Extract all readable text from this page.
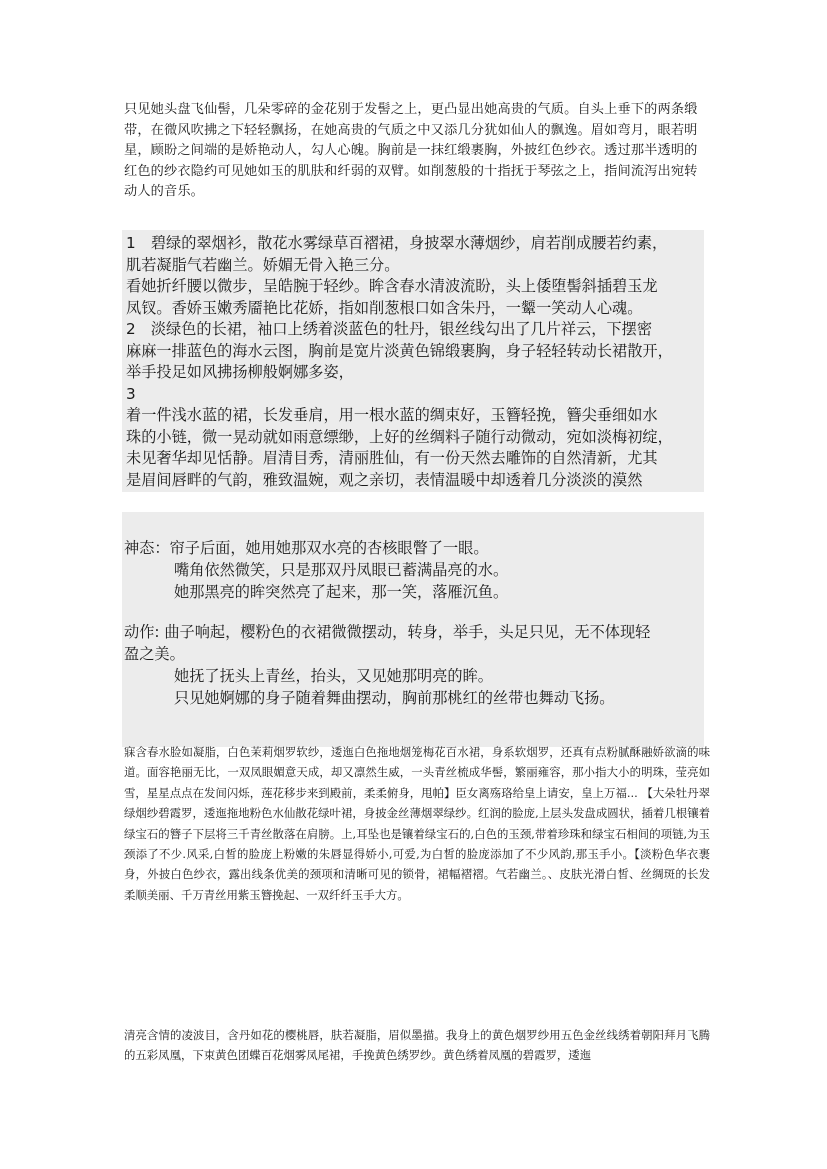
只见她头盘飞仙髻，几朵零碎的金花别于发髻之上，更凸显出她高贵的气质。自头上垂下的两条缎带，在微风吹拂之下轻轻飘扬，在她高贵的气质之中又添几分犹如仙人的飘逸。眉如弯月，眼若明星，顾盼之间端的是娇艳动人，勾人心魄。胸前是一抹红缎裹胸，外披红色纱衣。透过那半透明的红色的纱衣隐约可见她如玉的肌肤和纤弱的双臂。如削葱般的十指抚于琴弦之上，指间流泻出宛转动人的音乐。

1　碧绿的翠烟衫，散花水雾绿草百褶裙，身披翠水薄烟纱，肩若削成腰若约素，

肌若凝脂气若幽兰。娇媚无骨入艳三分。

看她折纤腰以微步，呈皓腕于轻纱。眸含春水清波流盼，头上倭堕髻斜插碧玉龙

凤钗。香娇玉嫩秀靥艳比花娇，指如削葱根口如含朱丹，一颦一笑动人心魂。

2　淡绿色的长裙，袖口上绣着淡蓝色的牡丹，银丝线勾出了几片祥云，下摆密

麻麻一排蓝色的海水云图，胸前是宽片淡黄色锦缎裹胸，身子轻轻转动长裙散开，

举手投足如风拂扬柳般婀娜多姿，

3

着一件浅水蓝的裙，长发垂肩，用一根水蓝的绸束好，玉簪轻挽，簪尖垂细如水

珠的小链，微一晃动就如雨意缥缈，上好的丝绸料子随行动微动，宛如淡梅初绽，

未见奢华却见恬静。眉清目秀，清丽胜仙，有一份天然去雕饰的自然清新，尤其

是眉间唇畔的气韵，雅致温婉，观之亲切，表情温暖中却透着几分淡淡的漠然

神态：帘子后面，她用她那双水亮的杏核眼瞥了一眼。

嘴角依然微笑，只是那双丹凤眼已蓄满晶亮的水。

她那黑亮的眸突然亮了起来，那一笑，落雁沉鱼。

动作: 曲子响起，樱粉色的衣裙微微摆动，转身，举手，头足只见，无不体现轻

盈之美。

她抚了抚头上青丝，抬头，又见她那明亮的眸。

只见她婀娜的身子随着舞曲摆动，胸前那桃红的丝带也舞动飞扬。

寐含春水脸如凝脂，白色茉莉烟罗软纱，逶迤白色拖地烟笼梅花百水裙，身系软烟罗，还真有点粉腻酥融娇欲滴的味道。面容艳丽无比，一双凤眼媚意天成，却又凛然生威，一头青丝梳成华髻，繁丽雍容，那小指大小的明珠，莹亮如雪，星星点点在发间闪烁，莲花移步来到殿前，柔柔俯身，甩帕】臣女离殇珞给皇上请安，皇上万福... 【大朵牡丹翠绿烟纱碧霞罗，逶迤拖地粉色水仙散花绿叶裙，身披金丝薄烟翠绿纱。红润的脸庞,上层头发盘成圆状，插着几根镶着绿宝石的簪子下层将三千青丝散落在肩膀。上,耳坠也是镶着绿宝石的,白色的玉颈,带着珍珠和绿宝石相间的项链,为玉颈添了不少.风采,白皙的脸庞上粉嫩的朱唇显得娇小,可爱,为白皙的脸庞添加了不少风韵,那玉手小。【淡粉色华衣裹身，外披白色纱衣，露出线条优美的颈项和清晰可见的锁骨，裙幅褶褶。气若幽兰。、皮肤光滑白皙、丝绸斑的长发柔顺美丽、千万青丝用紫玉簪挽起、一双纤纤玉手大方。

清亮含情的凌波目，含丹如花的樱桃唇，肤若凝脂，眉似墨描。我身上的黄色烟罗纱用五色金丝线绣着朝阳拜月飞腾的五彩凤凰，下束黄色团蝶百花烟雾凤尾裙，手挽黄色绣罗纱。黄色绣着凤凰的碧霞罗，逶迤
